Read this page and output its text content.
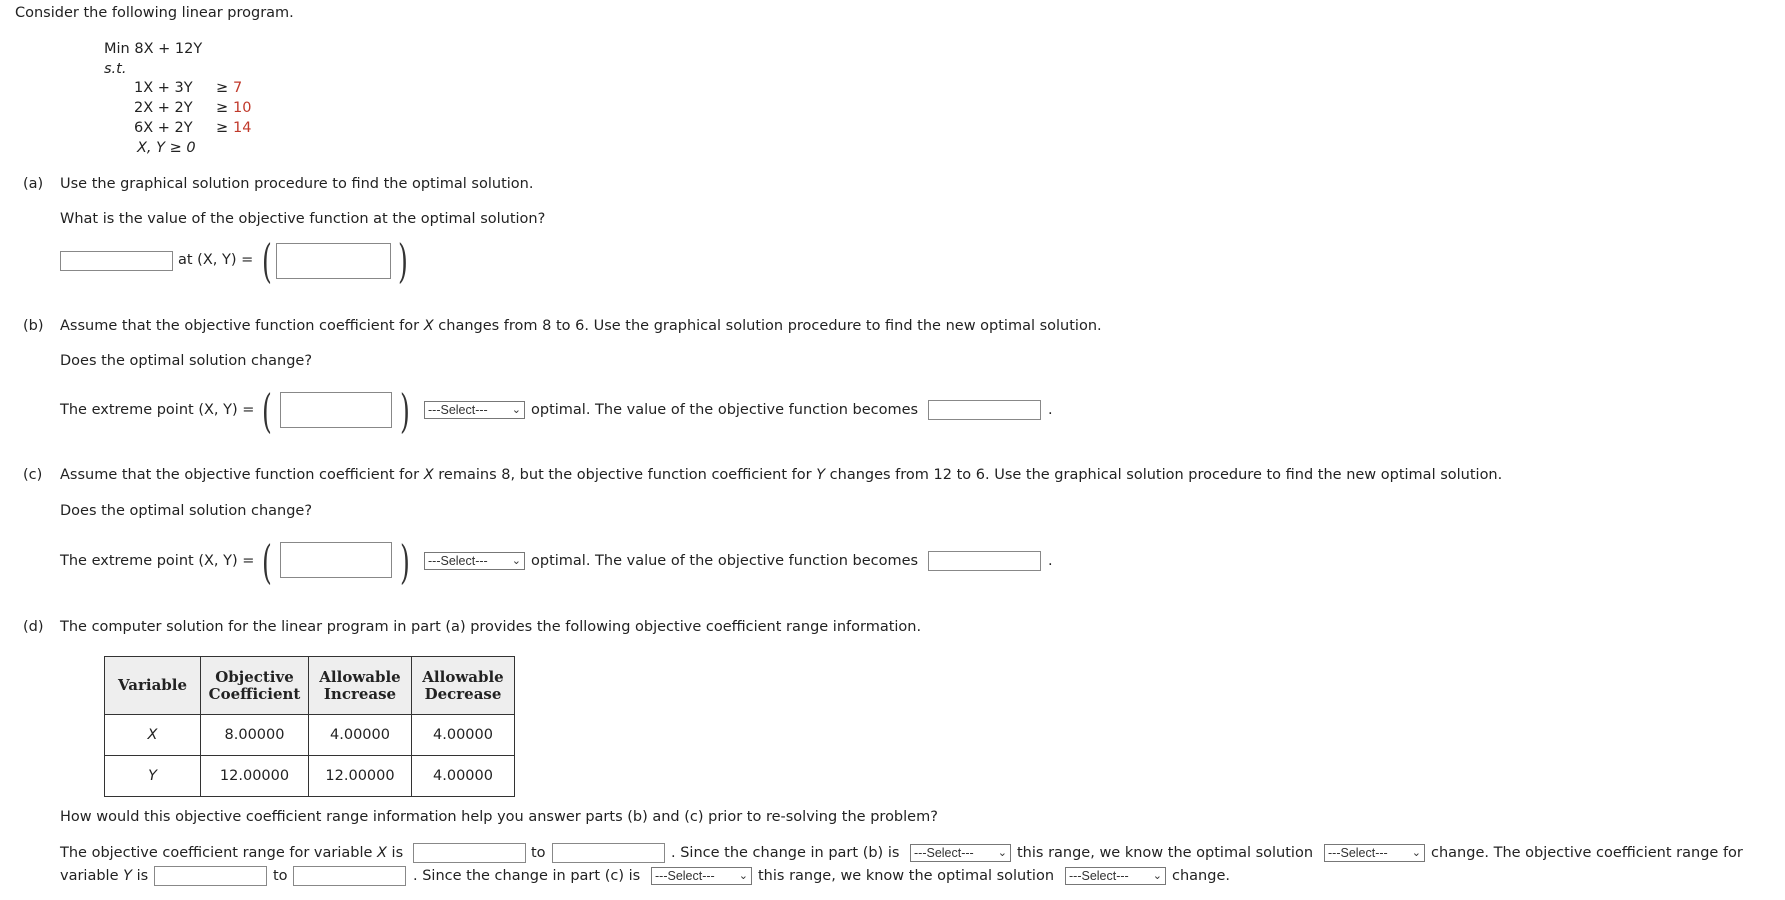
Consider the following linear program.
Min 8X + 12Y
s.t.
1X + 3Y ≥ 7
2X + 2Y ≥ 10
6X + 2Y ≥ 14
X, Y ≥ 0
(a) Use the graphical solution procedure to find the optimal solution.
What is the value of the objective function at the optimal solution?
at (X, Y) = (	)
(b) Assume that the objective function coefficient for X changes from 8 to 6. Use the graphical solution procedure to find the new optimal solution.
Does the optimal solution change?
The extreme point (X, Y) = (	)	---Select--- ⌄ optimal. The value of the objective function becomes	.
(c) Assume that the objective function coefficient for X remains 8, but the objective function coefficient for Y changes from 12 to 6. Use the graphical solution procedure to find the new optimal solution.
Does the optimal solution change?
The extreme point (X, Y) = (	)	---Select--- ⌄ optimal. The value of the objective function becomes	.
(d) The computer solution for the linear program in part (a) provides the following objective coefficient range information.
Variable	Objective Coefficient	Allowable Increase	Allowable Decrease
X	8.00000	4.00000	4.00000
Y	12.00000	12.00000	4.00000
How would this objective coefficient range information help you answer parts (b) and (c) prior to re-solving the problem?
The objective coefficient range for variable X is	to	. Since the change in part (b) is	---Select--- ⌄ this range, we know the optimal solution	---Select--- ⌄ change. The objective coefficient range for
variable Y is	to	. Since the change in part (c) is	---Select--- ⌄ this range, we know the optimal solution	---Select--- ⌄ change.
